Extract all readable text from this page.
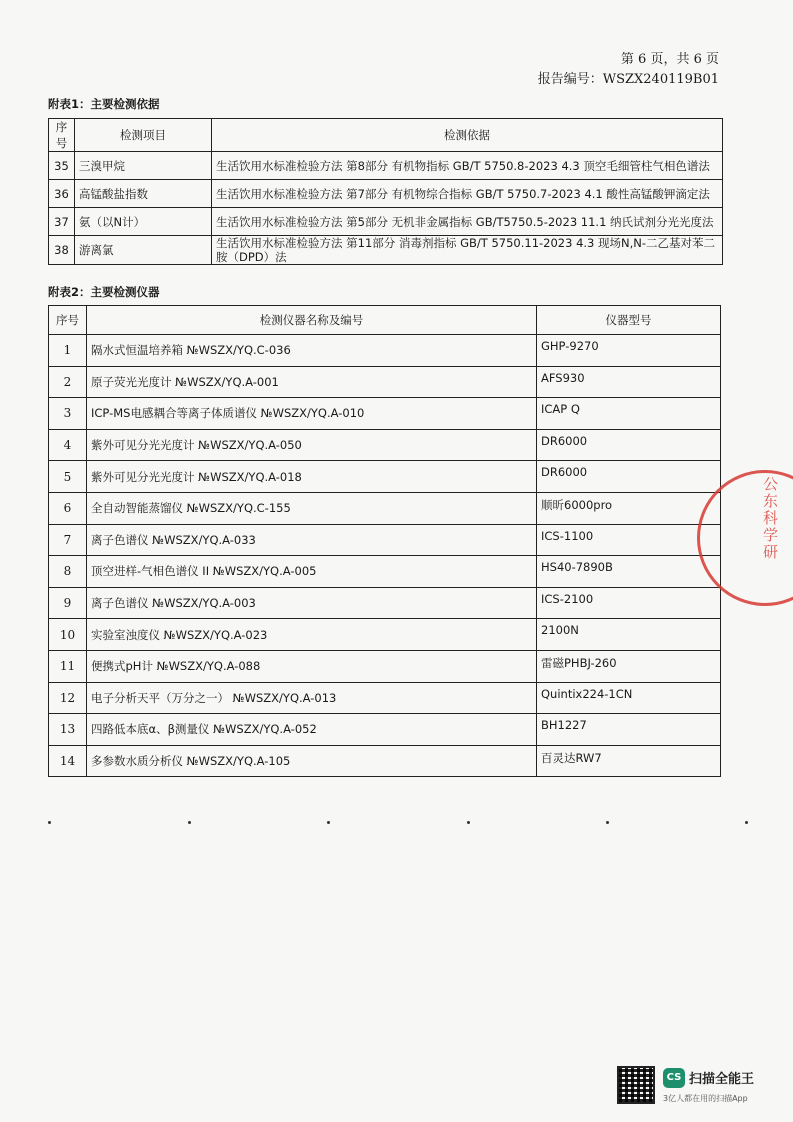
第 6 页，共 6 页
报告编号：WSZX240119B01
附表1：主要检测依据
序号	检测项目	检测依据
35	三溴甲烷	生活饮用水标准检验方法 第8部分 有机物指标 GB/T 5750.8-2023 4.3 顶空毛细管柱气相色谱法
36	高锰酸盐指数	生活饮用水标准检验方法 第7部分 有机物综合指标 GB/T 5750.7-2023 4.1 酸性高锰酸钾滴定法
37	氨（以N计）	生活饮用水标准检验方法 第5部分 无机非金属指标 GB/T5750.5-2023 11.1 纳氏试剂分光光度法
38	游离氯	生活饮用水标准检验方法 第11部分 消毒剂指标 GB/T 5750.11-2023 4.3 现场N,N-二乙基对苯二胺（DPD）法
附表2：主要检测仪器
序号	检测仪器名称及编号	仪器型号
1	隔水式恒温培养箱 №WSZX/YQ.C-036	GHP-9270
2	原子荧光光度计 №WSZX/YQ.A-001	AFS930
3	ICP-MS电感耦合等离子体质谱仪 №WSZX/YQ.A-010	ICAP Q
4	紫外可见分光光度计 №WSZX/YQ.A-050	DR6000
5	紫外可见分光光度计 №WSZX/YQ.A-018	DR6000
6	全自动智能蒸馏仪 №WSZX/YQ.C-155	顺昕6000pro
7	离子色谱仪 №WSZX/YQ.A-033	ICS-1100
8	顶空进样-气相色谱仪 II №WSZX/YQ.A-005	HS40-7890B
9	离子色谱仪 №WSZX/YQ.A-003	ICS-2100
10	实验室浊度仪 №WSZX/YQ.A-023	2100N
11	便携式pH计 №WSZX/YQ.A-088	雷磁PHBJ-260
12	电子分析天平（万分之一） №WSZX/YQ.A-013	Quintix224-1CN
13	四路低本底α、β测量仪 №WSZX/YQ.A-052	BH1227
14	多参数水质分析仪 №WSZX/YQ.A-105	百灵达RW7
公东科学研
CS 扫描全能王
3亿人都在用的扫描App
